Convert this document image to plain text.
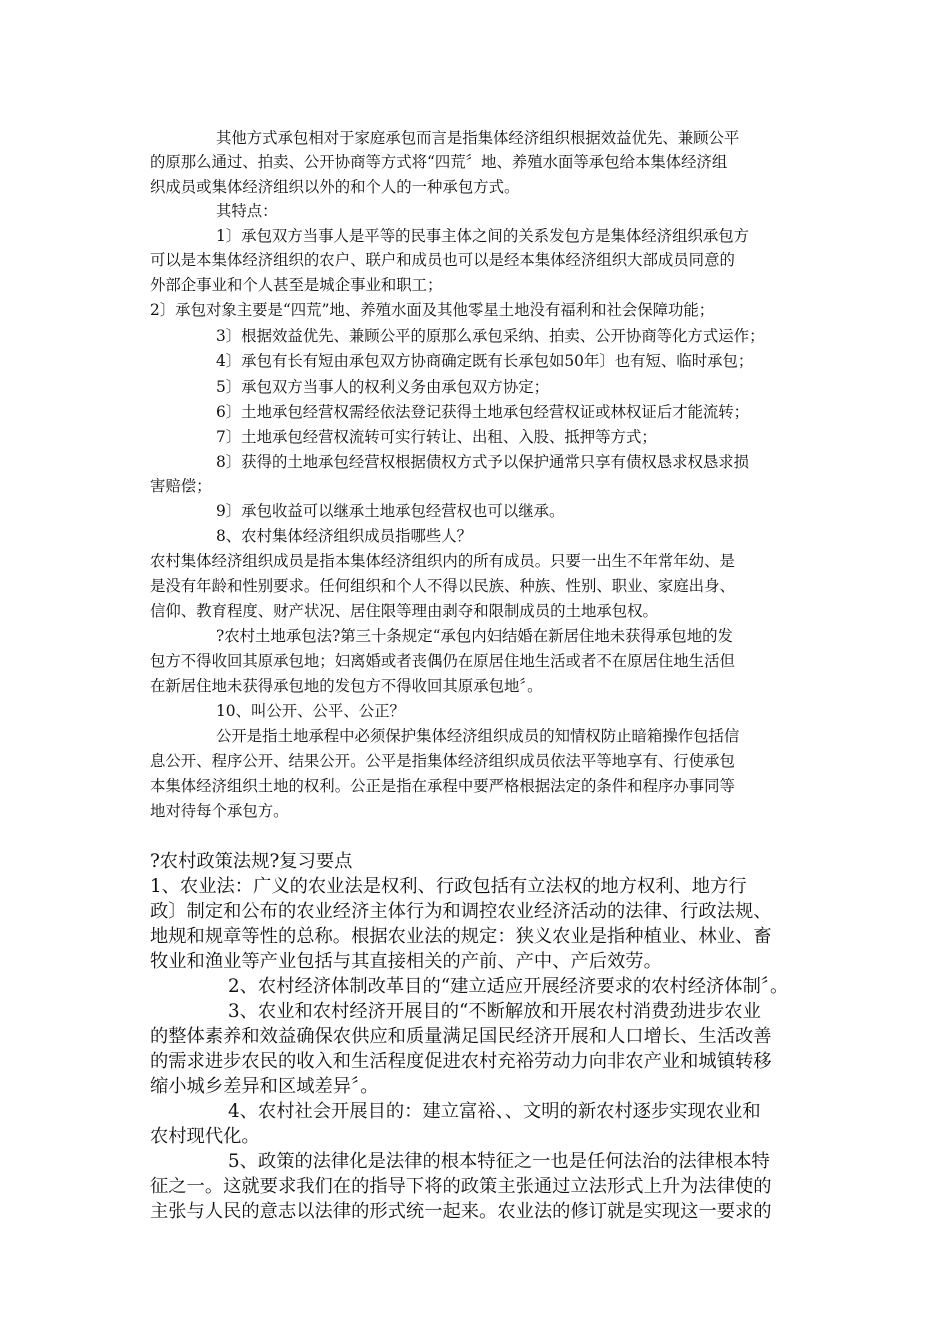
其他方式承包相对于家庭承包而言是指集体经济组织根据效益优先、兼顾公平
的原那么通过、拍卖、公开协商等方式将“四荒〞地、养殖水面等承包给本集体经济组
织成员或集体经济组织以外的和个人的一种承包方式。
其特点：
1〕承包双方当事人是平等的民事主体之间的关系发包方是集体经济组织承包方
可以是本集体经济组织的农户、联户和成员也可以是经本集体经济组织大部成员同意的
外部企事业和个人甚至是城企事业和职工；
2〕承包对象主要是“四荒”地、养殖水面及其他零星土地没有福利和社会保障功能；
3〕根据效益优先、兼顾公平的原那么承包采纳、拍卖、公开协商等化方式运作；
4〕承包有长有短由承包双方协商确定既有长承包如50年〕也有短、临时承包；
5〕承包双方当事人的权利义务由承包双方协定；
6〕土地承包经营权需经依法登记获得土地承包经营权证或林权证后才能流转；
7〕土地承包经营权流转可实行转让、出租、入股、抵押等方式；
8〕获得的土地承包经营权根据债权方式予以保护通常只享有债权恳求权恳求损
害赔偿；
9〕承包收益可以继承土地承包经营权也可以继承。
8、农村集体经济组织成员指哪些人？
农村集体经济组织成员是指本集体经济组织内的所有成员。只要一出生不年常年幼、是
是没有年龄和性别要求。任何组织和个人不得以民族、种族、性别、职业、家庭出身、
信仰、教育程度、财产状况、居住限等理由剥夺和限制成员的土地承包权。
?农村土地承包法?第三十条规定“承包内妇结婚在新居住地未获得承包地的发
包方不得收回其原承包地；妇离婚或者丧偶仍在原居住地生活或者不在原居住地生活但
在新居住地未获得承包地的发包方不得收回其原承包地〞。
10、叫公开、公平、公正？
公开是指土地承程中必须保护集体经济组织成员的知情权防止暗箱操作包括信
息公开、程序公开、结果公开。公平是指集体经济组织成员依法平等地享有、行使承包
本集体经济组织土地的权利。公正是指在承程中要严格根据法定的条件和程序办事同等
地对待每个承包方。
?农村政策法规?复习要点
1、农业法：广义的农业法是权利、行政包括有立法权的地方权利、地方行
政〕制定和公布的农业经济主体行为和调控农业经济活动的法律、行政法规、
地规和规章等性的总称。根据农业法的规定：狭义农业是指种植业、林业、畜
牧业和渔业等产业包括与其直接相关的产前、产中、产后效劳。
2、农村经济体制改革目的“建立适应开展经济要求的农村经济体制〞。
3、农业和农村经济开展目的“不断解放和开展农村消费劲进步农业
的整体素养和效益确保农供应和质量满足国民经济开展和人口增长、生活改善
的需求进步农民的收入和生活程度促进农村充裕劳动力向非农产业和城镇转移
缩小城乡差异和区域差异〞。
4、农村社会开展目的：建立富裕、、文明的新农村逐步实现农业和
农村现代化。
5、政策的法律化是法律的根本特征之一也是任何法治的法律根本特
征之一。这就要求我们在的指导下将的政策主张通过立法形式上升为法律使的
主张与人民的意志以法律的形式统一起来。农业法的修订就是实现这一要求的
